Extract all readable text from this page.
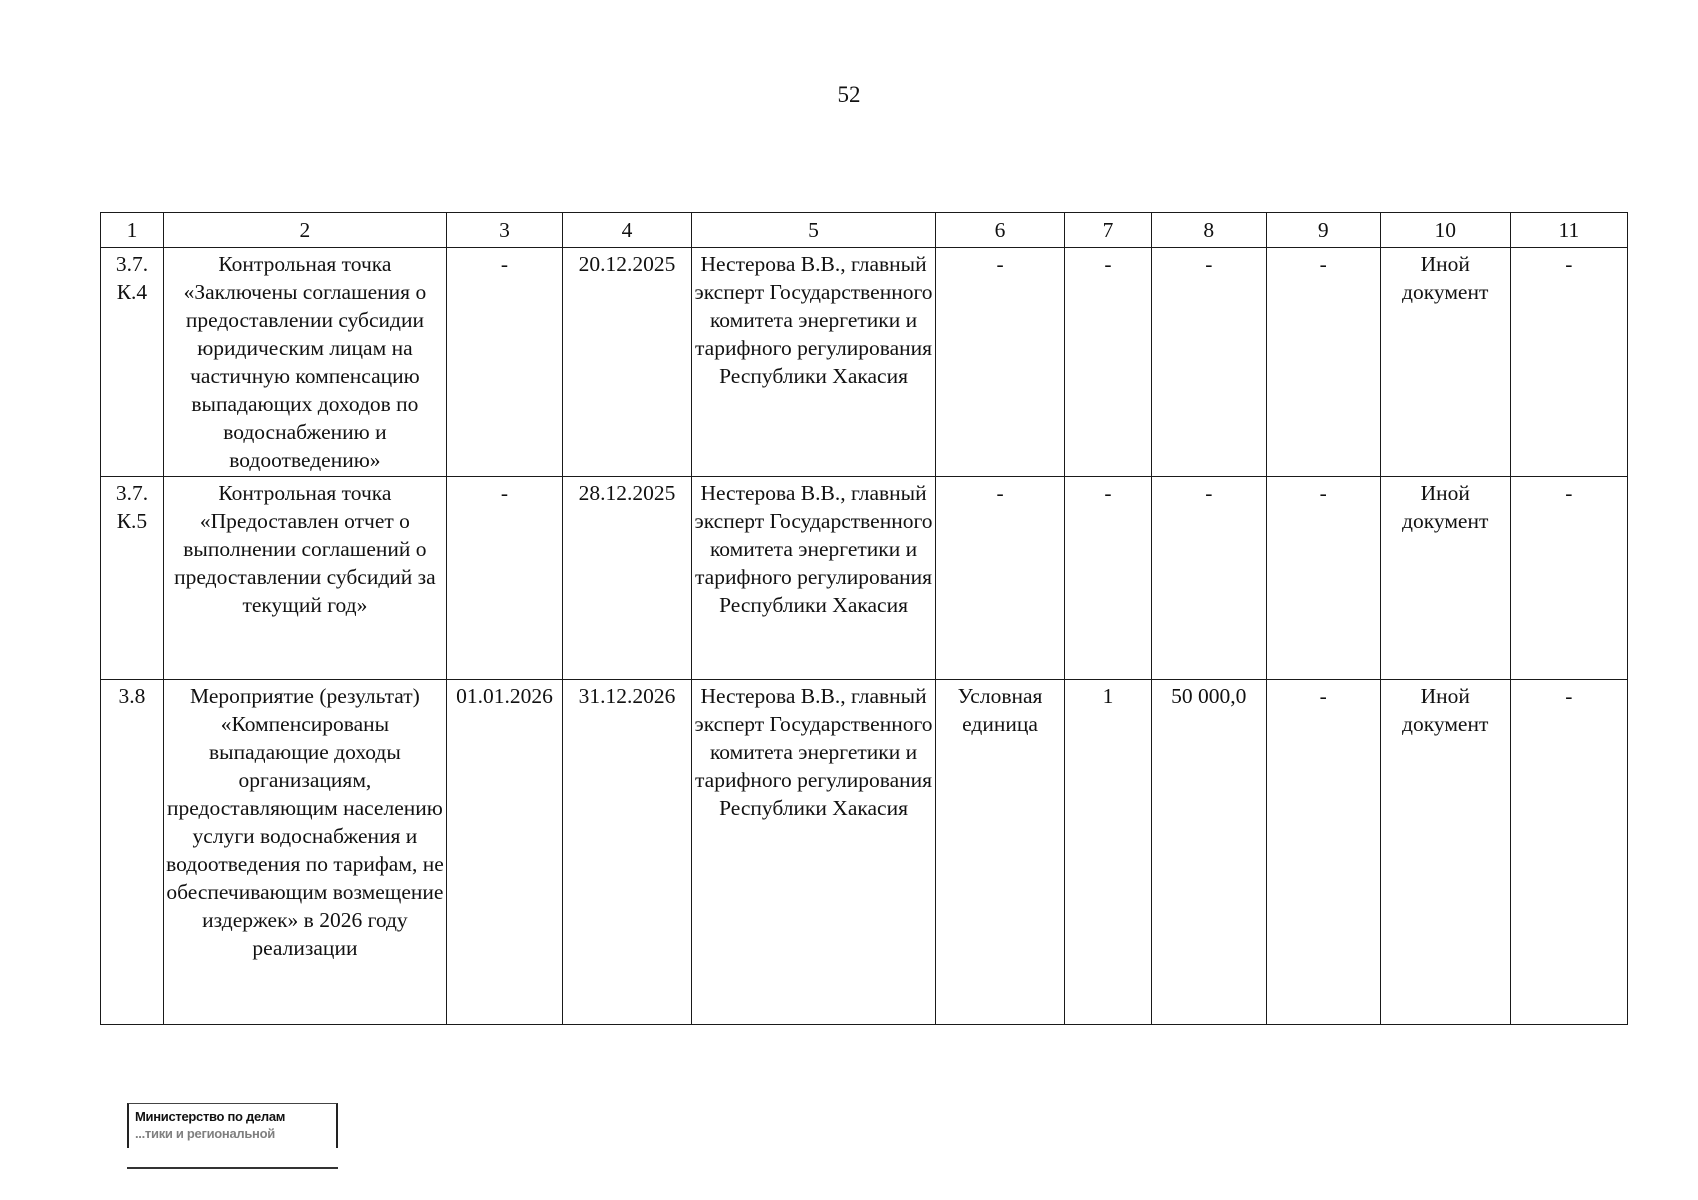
52
1	2	3	4	5	6	7	8	9	10	11
3.7. К.4	Контрольная точка «Заключены соглашения о предоставлении субсидии юридическим лицам на частичную компенсацию выпадающих доходов по водоснабжению и водоотведению»	-	20.12.2025	Нестерова В.В., главный эксперт Государственного комитета энергетики и тарифного регулирования Республики Хакасия	-	-	-	-	Иной документ	-
3.7. К.5	Контрольная точка «Предоставлен отчет о выполнении соглашений о предоставлении субсидий за текущий год»	-	28.12.2025	Нестерова В.В., главный эксперт Государственного комитета энергетики и тарифного регулирования Республики Хакасия	-	-	-	-	Иной документ	-
3.8	Мероприятие (результат) «Компенсированы выпадающие доходы организациям, предоставляющим населению услуги водоснабжения и водоотведения по тарифам, не обеспечивающим возмещение издержек» в 2026 году реализации	01.01.2026	31.12.2026	Нестерова В.В., главный эксперт Государственного комитета энергетики и тарифного регулирования Республики Хакасия	Условная единица	1	50 000,0	-	Иной документ	-
Министерство по делам
...тики и региональной
